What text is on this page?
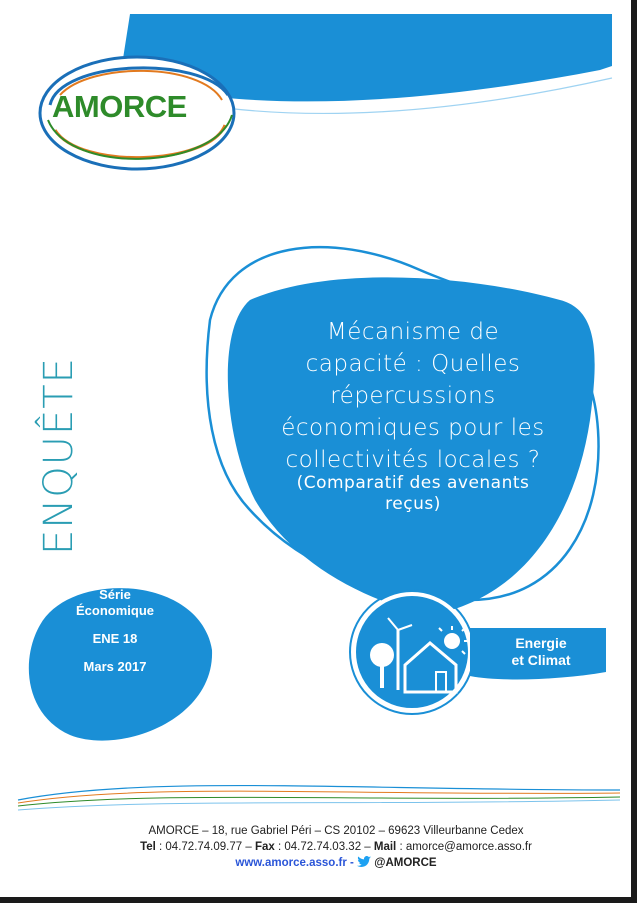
AMORCE
ENQUÊTE
Mécanisme de
capacité : Quelles
répercussions
économiques pour les
collectivités locales ?
(Comparatif des avenants
reçus)
Série
Économique
ENE 18
Mars 2017
Energie
et Climat
AMORCE – 18, rue Gabriel Péri – CS 20102 – 69623 Villeurbanne Cedex
Tel : 04.72.74.09.77 – Fax : 04.72.74.03.32 – Mail : amorce@amorce.asso.fr
www.amorce.asso.fr -  @AMORCE
